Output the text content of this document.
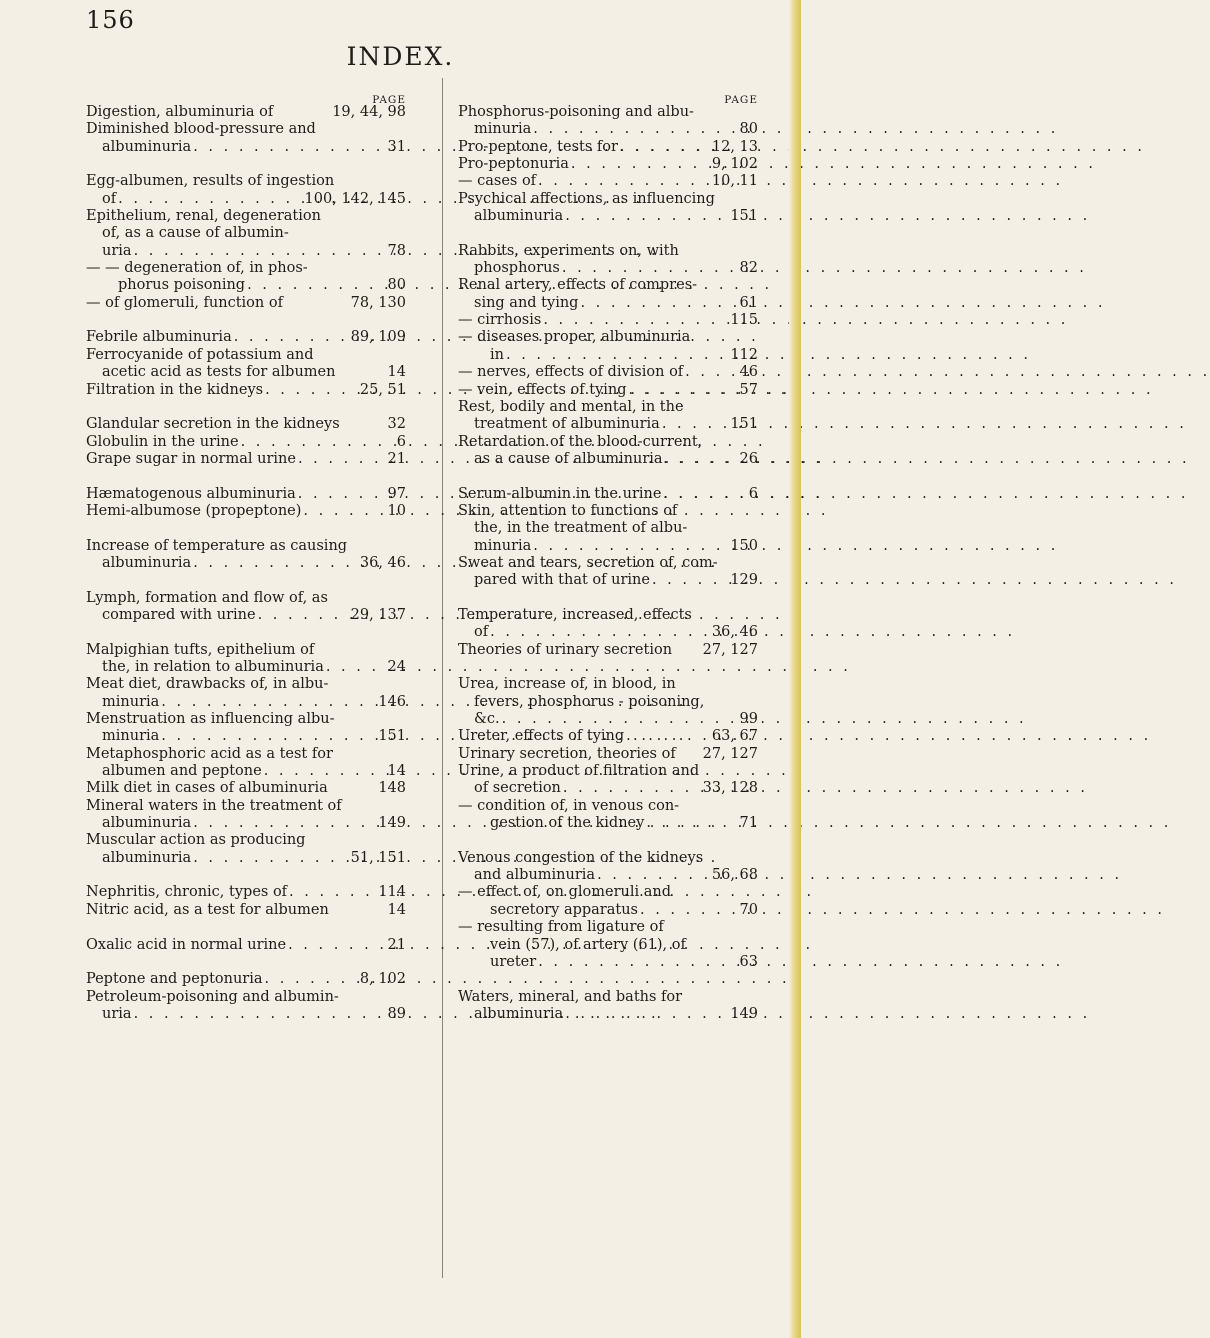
156
INDEX.
PAGE
Digestion, albuminuria of	19, 44, 98
Diminished blood-pressure and
albuminuria . . .	31
Egg-albumen, results of ingestion
of . . .	100, 142, 145
Epithelium, renal, degeneration
of, as a cause of albumin-
uria . . .	78
— — degeneration of, in phos-
phorus poisoning . . .	80
— of glomeruli, function of	78, 130
Febrile albuminuria . . .	89, 109
Ferrocyanide of potassium and
acetic acid as tests for albumen	14
Filtration in the kidneys . . .	25, 51
Glandular secretion in the kidneys	32
Globulin in the urine . . .	6
Grape sugar in normal urine . . .	21
Hæmatogenous albuminuria . . .	97
Hemi-albumose (propeptone) . . .	10
Increase of temperature as causing
albuminuria . . .	36, 46
Lymph, formation and flow of, as
compared with urine . . .	29, 137
Malpighian tufts, epithelium of
the, in relation to albuminuria . . .	24
Meat diet, drawbacks of, in albu-
minuria . . .	146
Menstruation as influencing albu-
minuria . . .	151
Metaphosphoric acid as a test for
albumen and peptone . . .	14
Milk diet in cases of albuminuria	148
Mineral waters in the treatment of
albuminuria . . .	149
Muscular action as producing
albuminuria . . .	51, 151
Nephritis, chronic, types of . . .	114
Nitric acid, as a test for albumen	14
Oxalic acid in normal urine . . .	21
Peptone and peptonuria . . .	8, 102
Petroleum-poisoning and albumin-
uria . . .	89
PAGE
Phosphorus-poisoning and albu-
minuria . . .	80
Pro-peptone, tests for . . .	12, 13
Pro-peptonuria . . .	9, 102
— cases of . . .	10, 11
Psychical affections, as influencing
albuminuria . . .	151
Rabbits, experiments on, with
phosphorus . . .	82
Renal artery, effects of compres-
sing and tying . . .	61
— cirrhosis . . .	115
— diseases proper, albuminuria
in . . .	112
— nerves, effects of division of . . .	46
— vein, effects of tying . . .	57
Rest, bodily and mental, in the
treatment of albuminuria . . .	151
Retardation of the blood-current,
as a cause of albuminuria . . .	26
Serum-albumin in the urine . . .	6
Skin, attention to functions of
the, in the treatment of albu-
minuria . . .	150
Sweat and tears, secretion of, com-
pared with that of urine . . .	129
Temperature, increased, effects
of . . .	36, 46
Theories of urinary secretion 27, 127
Urea, increase of, in blood, in
fevers, phosphorus - poisoning,
&c. . . .	99
Ureter, effects of tying . . .	63, 67
Urinary secretion, theories of 27, 127
Urine, a product of filtration and
of secretion . . .	33, 128
— condition of, in venous con-
gestion of the kidney . . .	71
Venous congestion of the kidneys
and albuminuria . . .	56, 68
— effect of, on glomeruli and
secretory apparatus . . .	70
— resulting from ligature of
vein (57), of artery (61), of
ureter . . .	63
Waters, mineral, and baths for
albuminuria . . .	149
